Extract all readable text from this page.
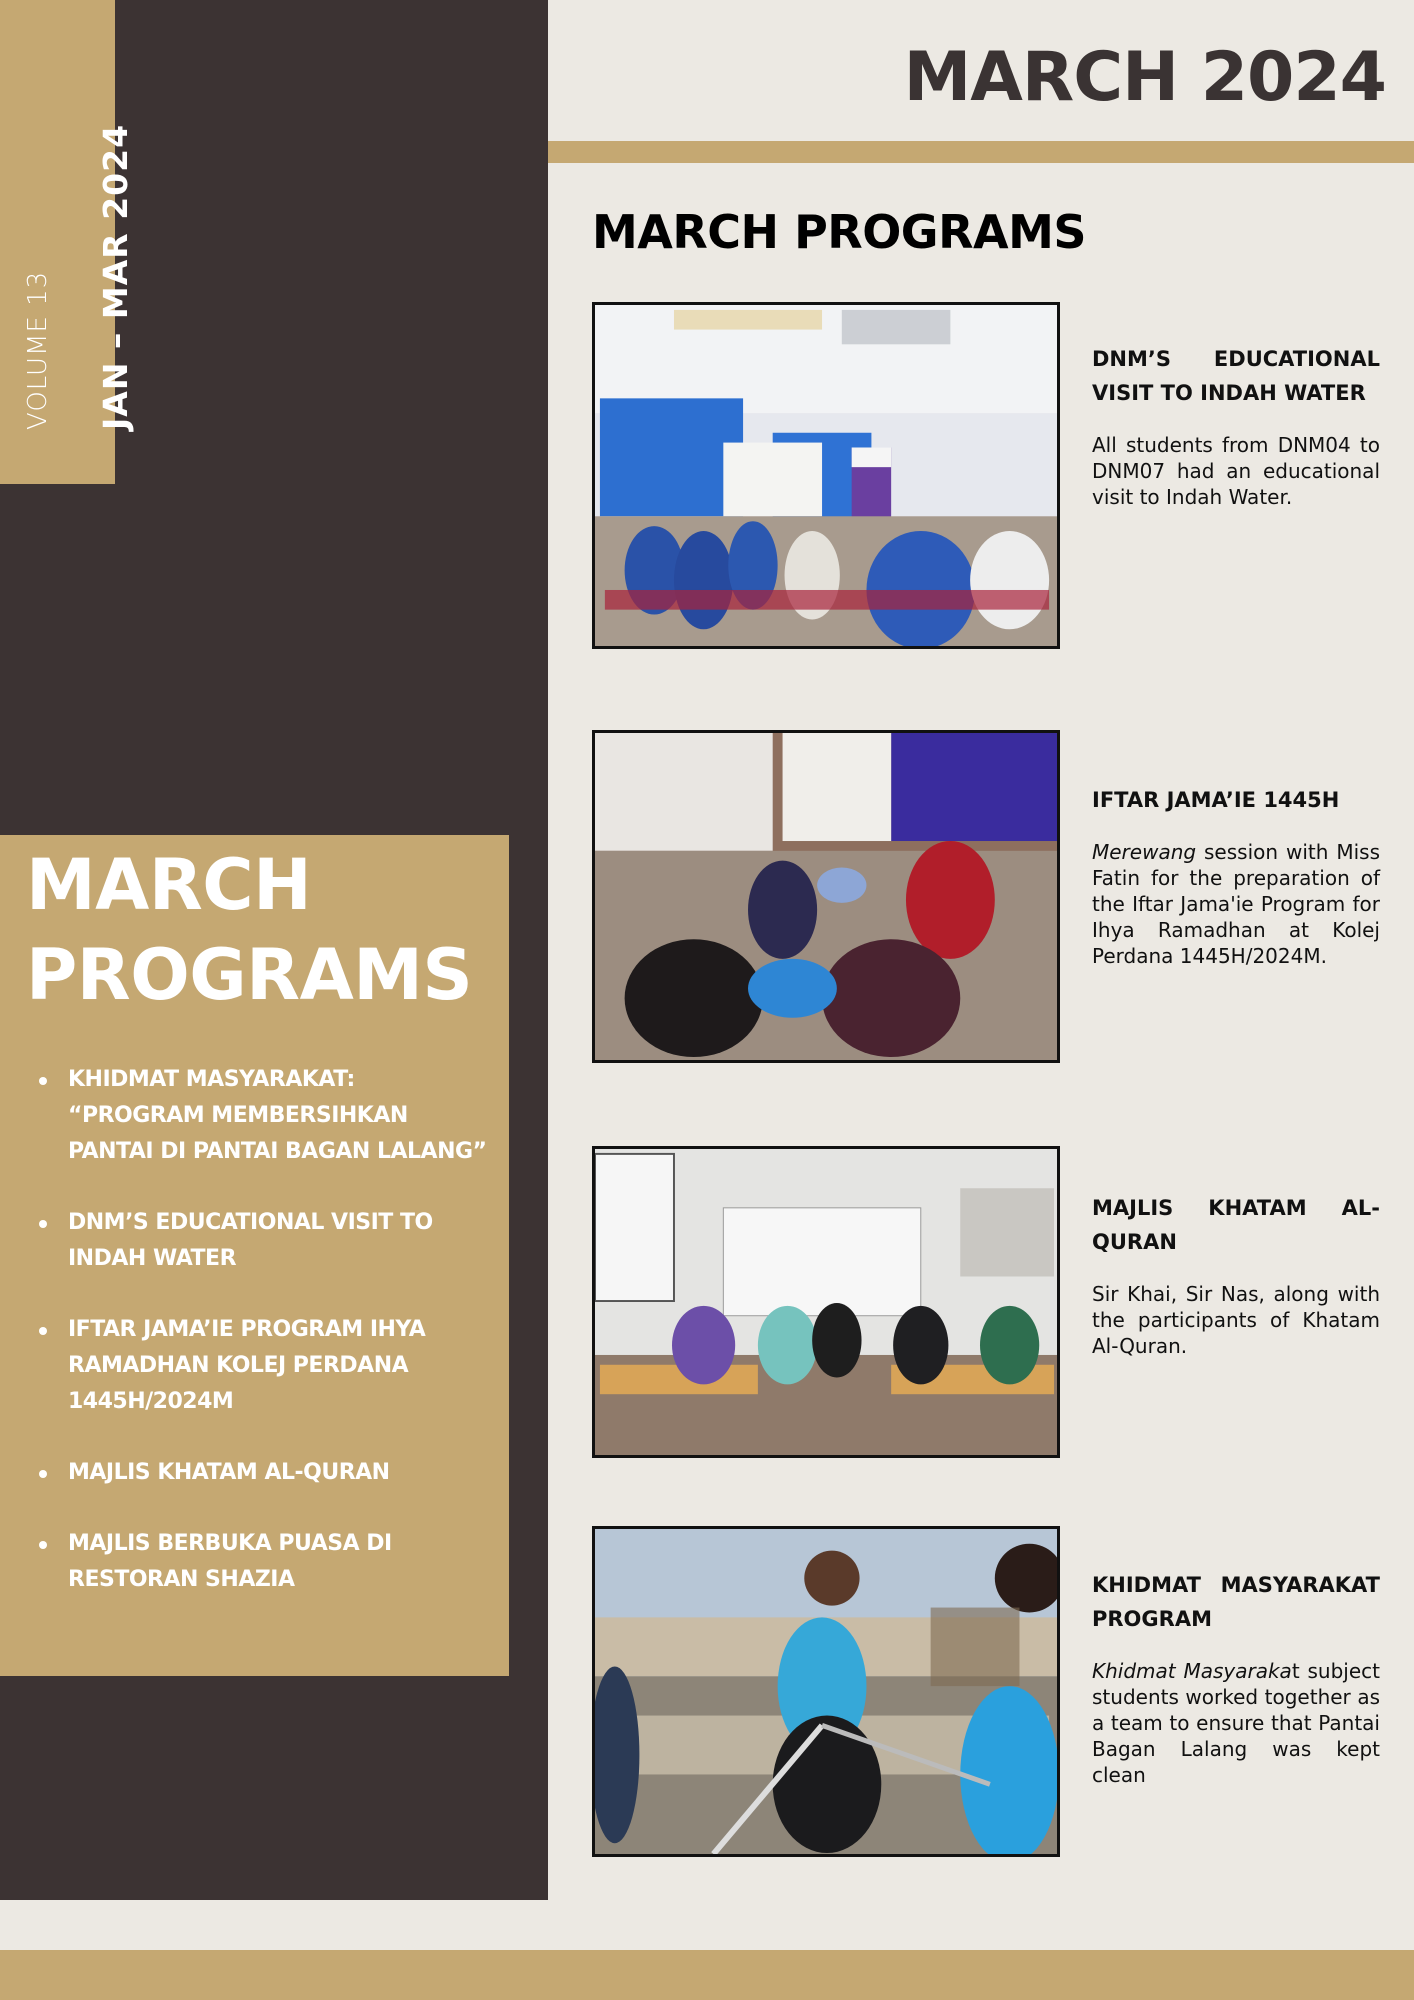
JAN – MAR 2024
VOLUME 13
MARCH
PROGRAMS
KHIDMAT MASYARAKAT: “PROGRAM MEMBERSIHKAN PANTAI DI PANTAI BAGAN LALANG”
DNM’S EDUCATIONAL VISIT TO INDAH WATER
IFTAR JAMA’IE PROGRAM IHYA RAMADHAN KOLEJ PERDANA 1445H/2024M
MAJLIS KHATAM AL-QURAN
MAJLIS BERBUKA PUASA DI RESTORAN SHAZIA
MARCH 2024
MARCH PROGRAMS
DNM’S EDUCATIONAL VISIT TO INDAH WATER
All students from DNM04 to DNM07 had an educational visit to Indah Water.
IFTAR JAMA’IE 1445H
Merewang session with Miss Fatin for the preparation of the Iftar Jama'ie Program for Ihya Ramadhan at Kolej Perdana 1445H/2024M.
MAJLIS KHATAM AL-QURAN
Sir Khai, Sir Nas, along with the participants of Khatam Al-Quran.
KHIDMAT MASYARAKAT PROGRAM
Khidmat Masyarakat subject students worked together as a team to ensure that Pantai Bagan Lalang was kept clean
